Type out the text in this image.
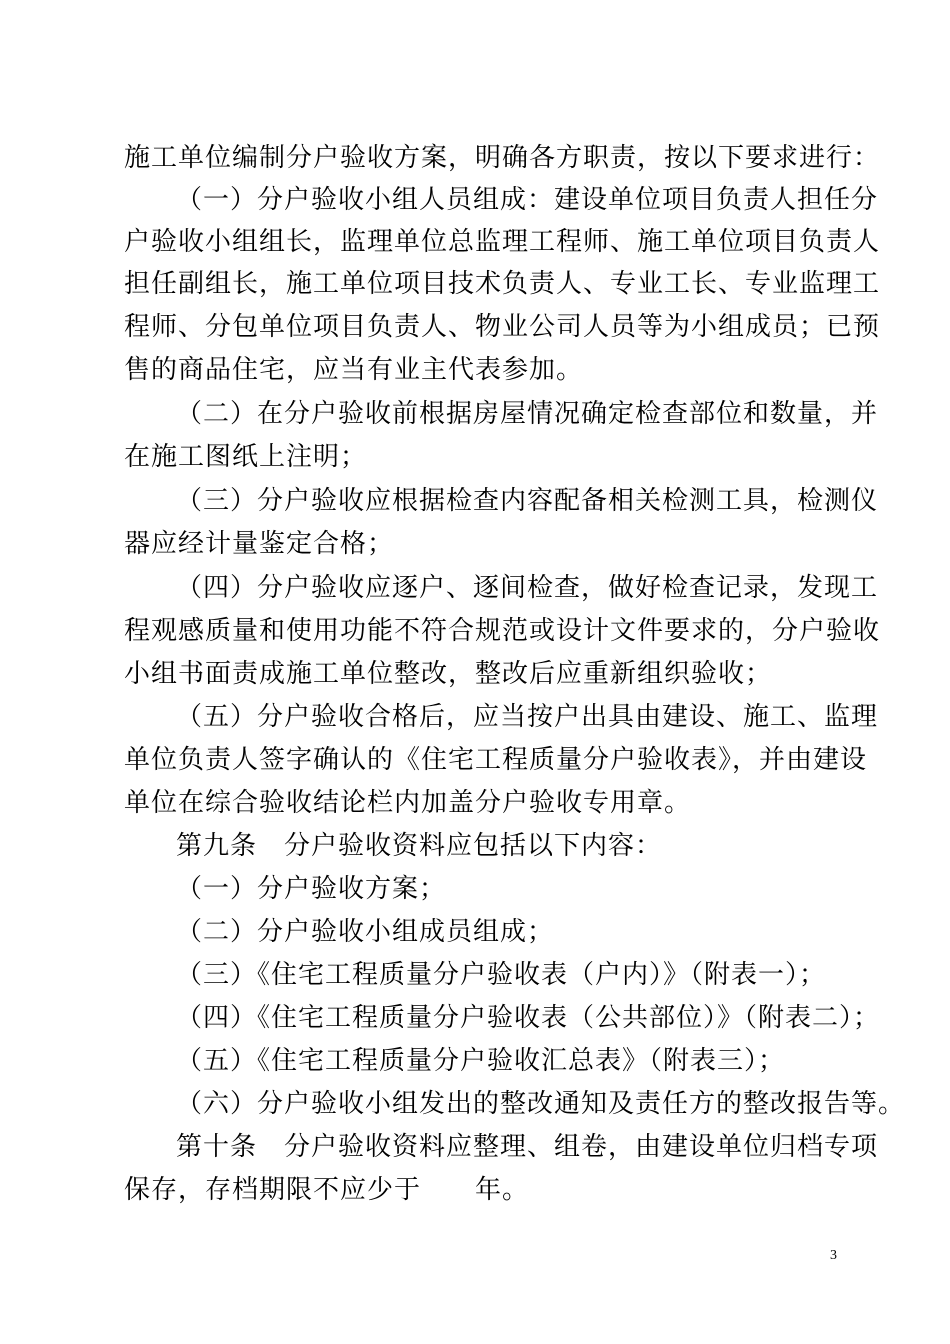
施工单位编制分户验收方案，明确各方职责，按以下要求进行：
（一）分户验收小组人员组成：建设单位项目负责人担任分
户验收小组组长，监理单位总监理工程师、施工单位项目负责人
担任副组长，施工单位项目技术负责人、专业工长、专业监理工
程师、分包单位项目负责人、物业公司人员等为小组成员；已预
售的商品住宅，应当有业主代表参加。
（二）在分户验收前根据房屋情况确定检查部位和数量，并
在施工图纸上注明；
（三）分户验收应根据检查内容配备相关检测工具，检测仪
器应经计量鉴定合格；
（四）分户验收应逐户、逐间检查，做好检查记录，发现工
程观感质量和使用功能不符合规范或设计文件要求的，分户验收
小组书面责成施工单位整改，整改后应重新组织验收；
（五）分户验收合格后，应当按户出具由建设、施工、监理
单位负责人签字确认的《住宅工程质量分户验收表》，并由建设
单位在综合验收结论栏内加盖分户验收专用章。
第九条　分户验收资料应包括以下内容：
（一）分户验收方案；
（二）分户验收小组成员组成；
（三）《住宅工程质量分户验收表（户内）》（附表一）；
（四）《住宅工程质量分户验收表（公共部位）》（附表二）；
（五）《住宅工程质量分户验收汇总表》（附表三）；
（六）分户验收小组发出的整改通知及责任方的整改报告等。
第十条　分户验收资料应整理、组卷，由建设单位归档专项
保存，存档期限不应少于　　年。
3
